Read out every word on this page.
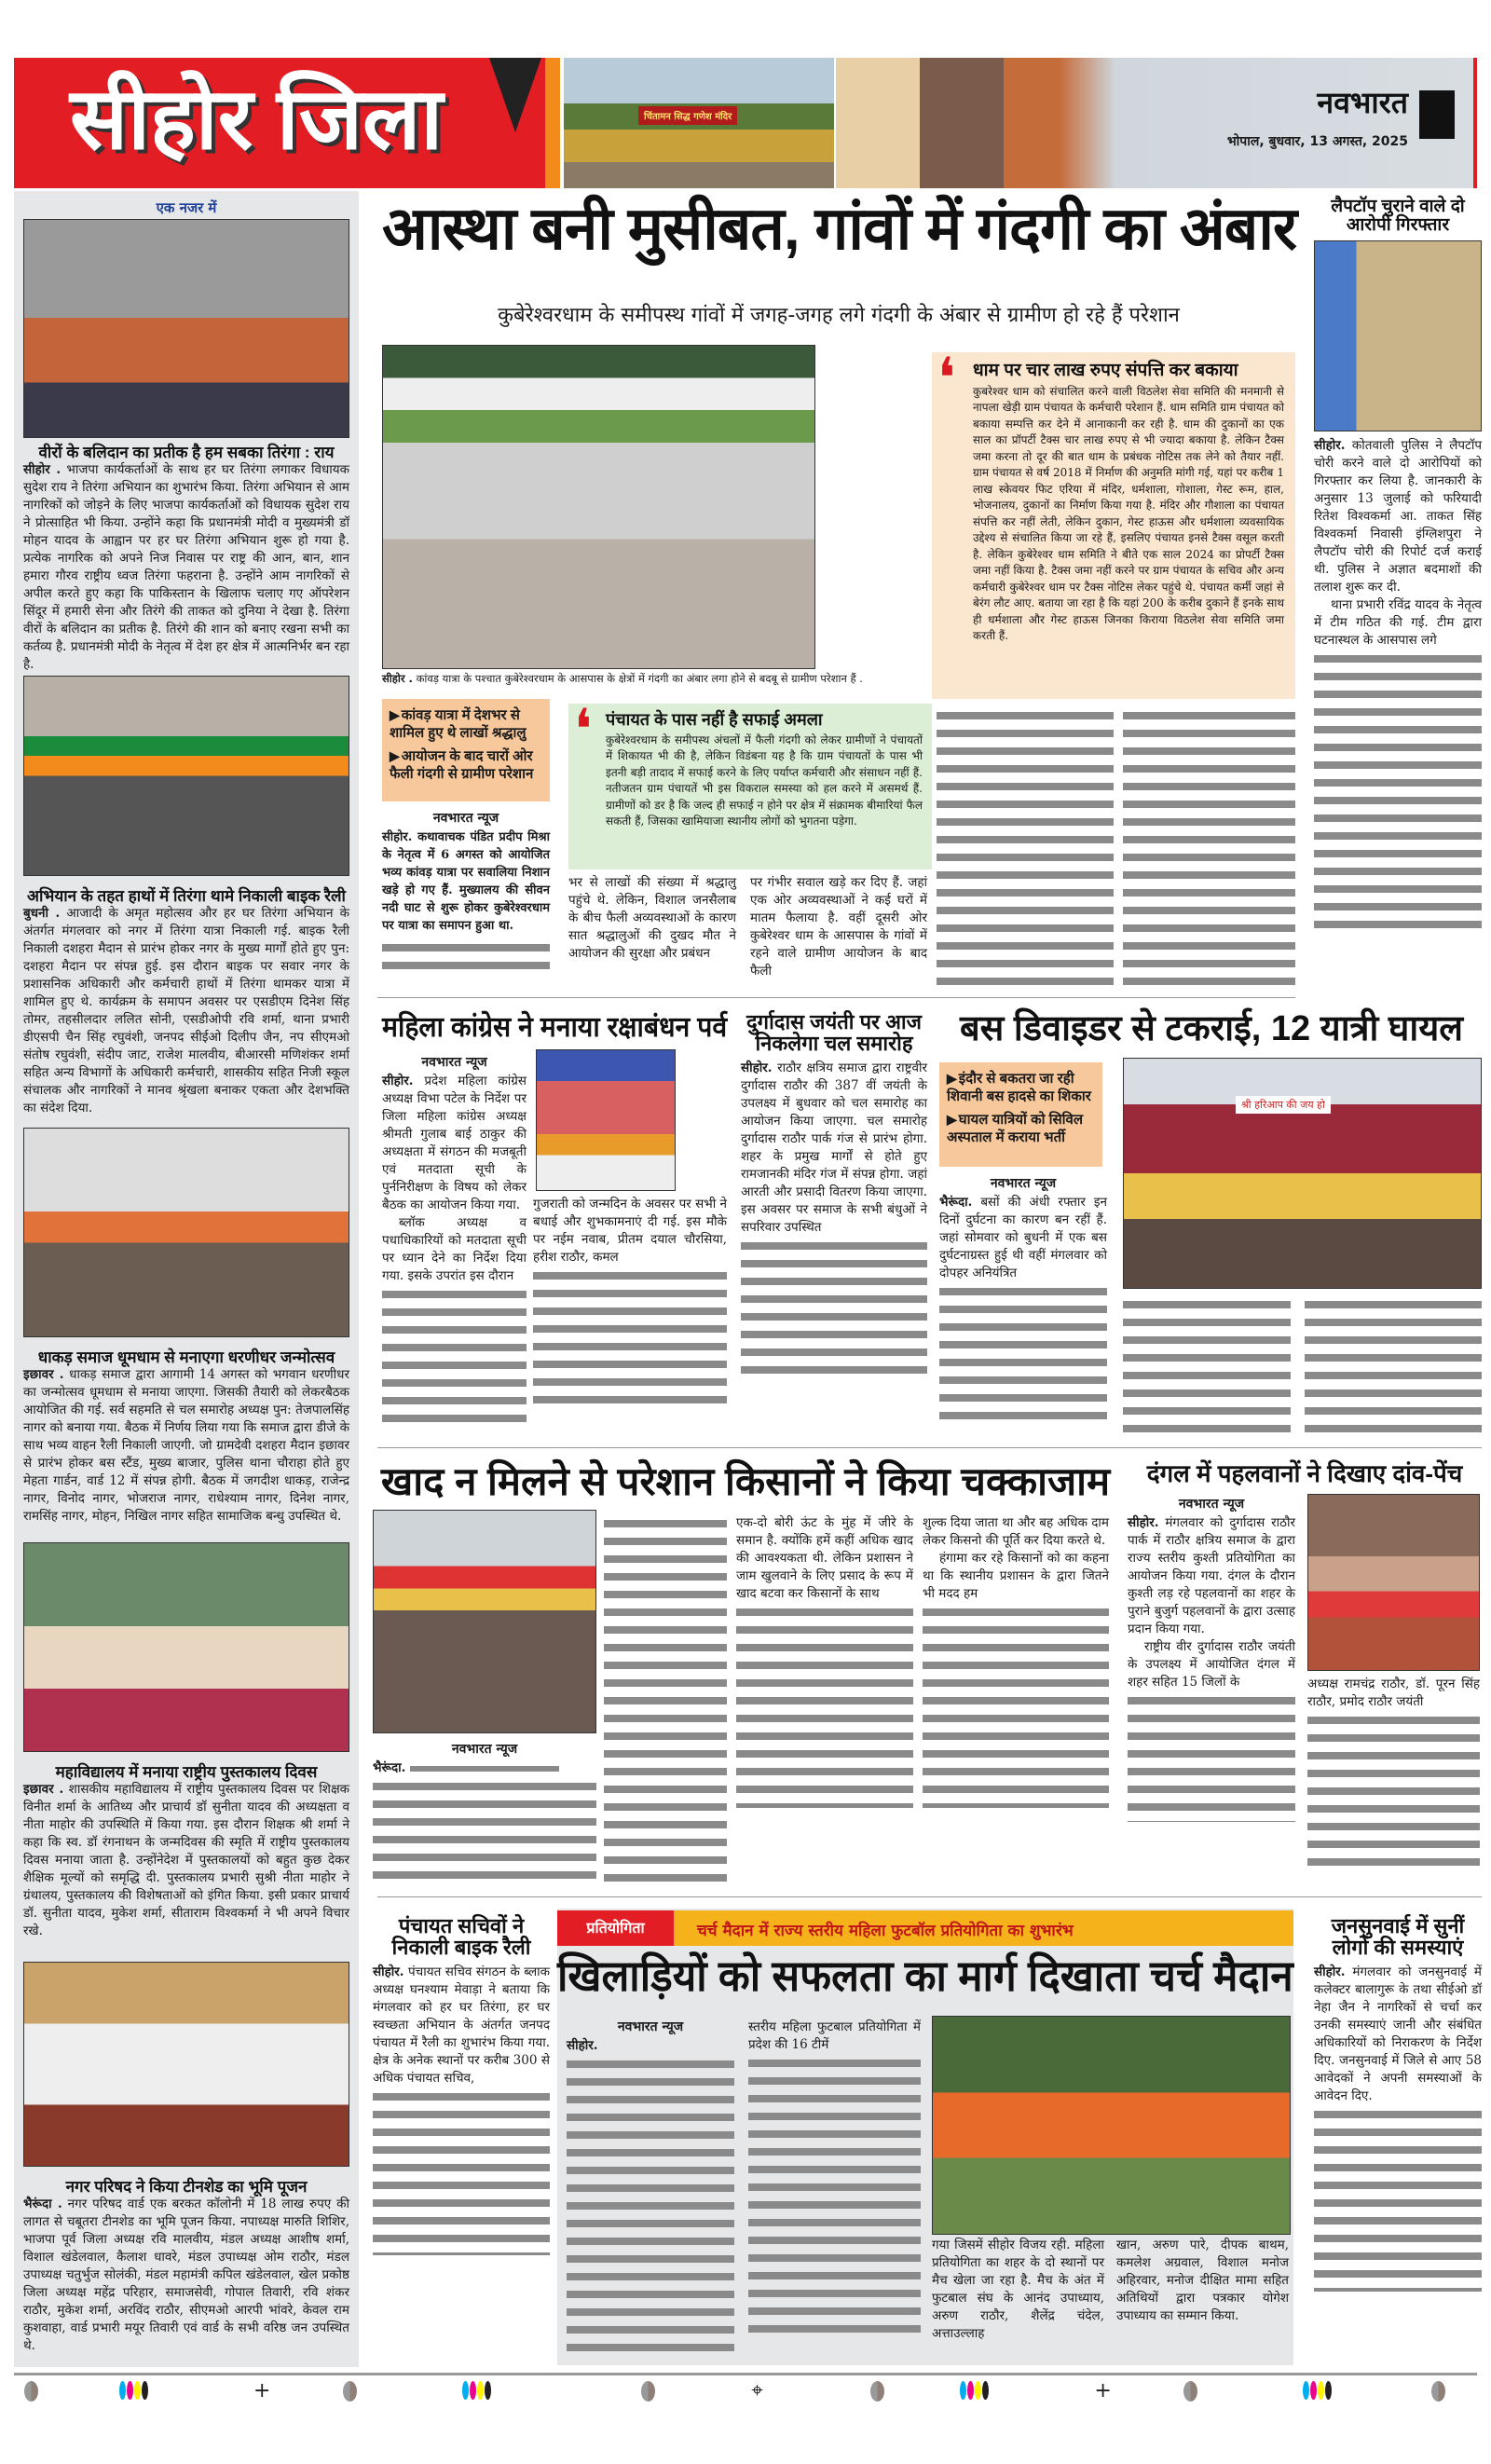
सीहोर जिला	चिंतामन सिद्ध गणेश मंदिर	नवभारत
भोपाल, बुधवार, 13 अगस्त, 2025
एक नजर में
वीरों के बलिदान का प्रतीक है हम सबका तिरंगा : राय
सीहोर . भाजपा कार्यकर्ताओं के साथ हर घर तिरंगा लगाकर विधायक सुदेश राय ने तिरंगा अभियान का शुभारंभ किया. तिरंगा अभियान से आम नागरिकों को जोड़ने के लिए भाजपा कार्यकर्ताओं को विधायक सुदेश राय ने प्रोत्साहित भी किया. उन्होंने कहा कि प्रधानमंत्री मोदी व मुख्यमंत्री डॉ मोहन यादव के आह्वान पर हर घर तिरंगा अभियान शुरू हो गया है. प्रत्येक नागरिक को अपने निज निवास पर राष्ट्र की आन, बान, शान हमारा गौरव राष्ट्रीय ध्वज तिरंगा फहराना है. उन्होंने आम नागरिकों से अपील करते हुए कहा कि पाकिस्तान के खिलाफ चलाए गए ऑपरेशन सिंदूर में हमारी सेना और तिरंगे की ताकत को दुनिया ने देखा है. तिरंगा वीरों के बलिदान का प्रतीक है. तिरंगे की शान को बनाए रखना सभी का कर्तव्य है. प्रधानमंत्री मोदी के नेतृत्व में देश हर क्षेत्र में आत्मनिर्भर बन रहा है.
अभियान के तहत हाथों में तिरंगा थामे निकाली बाइक रैली
बुधनी . आजादी के अमृत महोत्सव और हर घर तिरंगा अभियान के अंतर्गत मंगलवार को नगर में तिरंगा यात्रा निकाली गई. बाइक रैली निकाली दशहरा मैदान से प्रारंभ होकर नगर के मुख्य मार्गों होते हुए पुन: दशहरा मैदान पर संपन्न हुई. इस दौरान बाइक पर सवार नगर के प्रशासनिक अधिकारी और कर्मचारी हाथों में तिरंगा थामकर यात्रा में शामिल हुए थे. कार्यक्रम के समापन अवसर पर एसडीएम दिनेश सिंह तोमर, तहसीलदार ललित सोनी, एसडीओपी रवि शर्मा, थाना प्रभारी डीएसपी चैन सिंह रघुवंशी, जनपद सीईओ दिलीप जैन, नप सीएमओ संतोष रघुवंशी, संदीप जाट, राजेश मालवीय, बीआरसी मणिशंकर शर्मा सहित अन्य विभागों के अधिकारी कर्मचारी, शासकीय सहित निजी स्कूल संचालक और नागरिकों ने मानव श्रृंखला बनाकर एकता और देशभक्ति का संदेश दिया.
धाकड़ समाज धूमधाम से मनाएगा धरणीधर जन्मोत्सव
इछावर . धाकड़ समाज द्वारा आगामी 14 अगस्त को भगवान धरणीधर का जन्मोत्सव धूमधाम से मनाया जाएगा. जिसकी तैयारी को लेकरबैठक आयोजित की गई. सर्व सहमति से चल समारोह अध्यक्ष पुन: तेजपालसिंह नागर को बनाया गया. बैठक में निर्णय लिया गया कि समाज द्वारा डीजे के साथ भव्य वाहन रैली निकाली जाएगी. जो ग्रामदेवी दशहरा मैदान इछावर से प्रारंभ होकर बस स्टैंड, मुख्य बाजार, पुलिस थाना चौराहा होते हुए मेहता गार्डन, वार्ड 12 में संपन्न होगी. बैठक में जगदीश धाकड़, राजेन्द्र नागर, विनोद नागर, भोजराज नागर, राधेश्याम नागर, दिनेश नागर, रामसिंह नागर, मोहन, निखिल नागर सहित सामाजिक बन्धु उपस्थित थे.
महाविद्यालय में मनाया राष्ट्रीय पुस्तकालय दिवस
इछावर . शासकीय महाविद्यालय में राष्ट्रीय पुस्तकालय दिवस पर शिक्षक विनीत शर्मा के आतिथ्य और प्राचार्य डॉ सुनीता यादव की अध्यक्षता व नीता माहोर की उपस्थिति में किया गया. इस दौरान शिक्षक श्री शर्मा ने कहा कि स्व. डॉ रंगनाथन के जन्मदिवस की स्मृति में राष्ट्रीय पुस्तकालय दिवस मनाया जाता है. उन्होंनेदेश में पुस्तकालयों को बहुत कुछ देकर शैक्षिक मूल्यों को समृद्धि दी. पुस्तकालय प्रभारी सुश्री नीता माहोर ने ग्रंथालय, पुस्तकालय की विशेषताओं को इंगित किया. इसी प्रकार प्राचार्य डॉ. सुनीता यादव, मुकेश शर्मा, सीताराम विश्वकर्मा ने भी अपने विचार रखे.
नगर परिषद ने किया टीनशेड का भूमि पूजन
भैरूंदा . नगर परिषद वार्ड एक बरकत कॉलोनी में 18 लाख रुपए की लागत से चबूतरा टीनशेड का भूमि पूजन किया. नपाध्यक्ष मारुति शिशिर, भाजपा पूर्व जिला अध्यक्ष रवि मालवीय, मंडल अध्यक्ष आशीष शर्मा, विशाल खंडेलवाल, कैलाश धावरे, मंडल उपाध्यक्ष ओम राठौर, मंडल उपाध्यक्ष चतुर्भुज सोलंकी, मंडल महामंत्री कपिल खंडेलवाल, खेल प्रकोष्ठ जिला अध्यक्ष महेंद्र परिहार, समाजसेवी, गोपाल तिवारी, रवि शंकर राठौर, मुकेश शर्मा, अरविंद राठौर, सीएमओ आरपी भांवरे, केवल राम कुशवाहा, वार्ड प्रभारी मयूर तिवारी एवं वार्ड के सभी वरिष्ठ जन उपस्थित थे.
आस्था बनी मुसीबत, गांवों में गंदगी का अंबार
कुबेरेश्वरधाम के समीपस्थ गांवों में जगह-जगह लगे गंदगी के अंबार से ग्रामीण हो रहे हैं परेशान
सीहोर . कांवड़ यात्रा के पश्चात कुबेरेश्वरधाम के आसपास के क्षेत्रों में गंदगी का अंबार लगा होने से बदबू से ग्रामीण परेशान हैं .
❛ धाम पर चार लाख रुपए संपत्ति कर बकाया
कुबरेश्वर धाम को संचालित करने वाली विठलेश सेवा समिति की मनमानी से नापला खेड़ी ग्राम पंचायत के कर्मचारी परेशान हैं. धाम समिति ग्राम पंचायत को बकाया सम्पत्ति कर देने में आनाकानी कर रही है. धाम की दुकानों का एक साल का प्रॉपर्टी टैक्स चार लाख रुपए से भी ज्यादा बकाया है. लेकिन टैक्स जमा करना तो दूर की बात धाम के प्रबंधक नोटिस तक लेने को तैयार नहीं. ग्राम पंचायत से वर्ष 2018 में निर्माण की अनुमति मांगी गई, यहां पर करीब 1 लाख स्केवयर फिट एरिया में मंदिर, धर्मशाला, गोशाला, गेस्ट रूम, हाल, भोजनालय, दुकानों का निर्माण किया गया है. मंदिर और गौशाला का पंचायत संपत्ति कर नहीं लेती, लेकिन दुकान, गेस्ट हाऊस और धर्मशाला व्यवसायिक उद्देश्य से संचालित किया जा रहे हैं, इसलिए पंचायत इनसे टैक्स वसूल करती है. लेकिन कुबेरेश्वर धाम समिति ने बीते एक साल 2024 का प्रोपर्टी टैक्स जमा नहीं किया है. टैक्स जमा नहीं करने पर ग्राम पंचायत के सचिव और अन्य कर्मचारी कुबेरेश्वर धाम पर टैक्स नोटिस लेकर पहुंचे थे. पंचायत कर्मी जहां से बेरंग लौट आए. बताया जा रहा है कि यहां 200 के करीब दुकाने हैं इनके साथ ही धर्मशाला और गेस्ट हाऊस जिनका किराया विठलेश सेवा समिति जमा करती हैं.
▶ कांवड़ यात्रा में देशभर से शामिल हुए थे लाखों श्रद्धालु
▶ आयोजन के बाद चारों ओर फैली गंदगी से ग्रामीण परेशान
नवभारत न्यूज
सीहोर. कथावाचक पंडित प्रदीप मिश्रा के नेतृत्व में 6 अगस्त को आयोजित भव्य कांवड़ यात्रा पर सवालिया निशान खड़े हो गए हैं. मुख्यालय की सीवन नदी घाट से शुरू होकर कुबेरेश्वरधाम पर यात्रा का समापन हुआ था.
❛ पंचायत के पास नहीं है सफाई अमला
कुबेरेश्वरधाम के समीपस्थ अंचलों में फैली गंदगी को लेकर ग्रामीणों ने पंचायतों में शिकायत भी की है, लेकिन विडंबना यह है कि ग्राम पंचायतों के पास भी इतनी बड़ी तादाद में सफाई करने के लिए पर्याप्त कर्मचारी और संसाधन नहीं हैं. नतीजतन ग्राम पंचायतें भी इस विकराल समस्या को हल करने में असमर्थ हैं. ग्रामीणों को डर है कि जल्द ही सफाई न होने पर क्षेत्र में संक्रामक बीमारियां फैल सकती हैं, जिसका खामियाजा स्थानीय लोगों को भुगतना पड़ेगा.
भर से लाखों की संख्या में श्रद्धालु पहुंचे थे. लेकिन, विशाल जनसैलाब के बीच फैली अव्यवस्थाओं के कारण सात श्रद्धालुओं की दुखद मौत ने आयोजन की सुरक्षा और प्रबंधन
पर गंभीर सवाल खड़े कर दिए हैं. जहां एक ओर अव्यवस्थाओं ने कई घरों में मातम फैलाया है. वहीं दूसरी ओर कुबेरेश्वर धाम के आसपास के गांवों में रहने वाले ग्रामीण आयोजन के बाद फैली
लैपटॉप चुराने वाले दो आरोपी गिरफ्तार
सीहोर. कोतवाली पुलिस ने लैपटॉप चोरी करने वाले दो आरोपियों को गिरफ्तार कर लिया है. जानकारी के अनुसार 13 जुलाई को फरियादी रितेश विश्वकर्मा आ. ताकत सिंह विश्वकर्मा निवासी इंग्लिशपुरा ने लैपटॉप चोरी की रिपोर्ट दर्ज कराई थी. पुलिस ने अज्ञात बदमाशों की तलाश शुरू कर दी.
थाना प्रभारी रविंद्र यादव के नेतृत्व में टीम गठित की गई. टीम द्वारा घटनास्थल के आसपास लगे
महिला कांग्रेस ने मनाया रक्षाबंधन पर्व
नवभारत न्यूज
सीहोर. प्रदेश महिला कांग्रेस अध्यक्ष विभा पटेल के निर्देश पर जिला महिला कांग्रेस अध्यक्ष श्रीमती गुलाब बाई ठाकुर की अध्यक्षता में संगठन की मजबूती एवं मतदाता सूची के पुर्ननिरीक्षण के विषय को लेकर बैठक का आयोजन किया गया.
ब्लॉक अध्यक्ष व पधाधिकारियों को मतदाता सूची पर ध्यान देने का निर्देश दिया गया. इसके उपरांत इस दौरान
गुजराती को जन्मदिन के अवसर पर सभी ने बधाई और शुभकामनाएं दी गई. इस मौके पर नईम नवाब, प्रीतम दयाल चौरसिया, हरीश राठौर, कमल
दुर्गादास जयंती पर आज निकलेगा चल समारोह
सीहोर. राठौर क्षत्रिय समाज द्वारा राष्ट्रवीर दुर्गादास राठौर की 387 वीं जयंती के उपलक्ष्य में बुधवार को चल समारोह का आयोजन किया जाएगा. चल समारोह दुर्गादास राठौर पार्क गंज से प्रारंभ होगा. शहर के प्रमुख मार्गों से होते हुए रामजानकी मंदिर गंज में संपन्न होगा. जहां आरती और प्रसादी वितरण किया जाएगा. इस अवसर पर समाज के सभी बंधुओं ने सपरिवार उपस्थित
बस डिवाइडर से टकराई, 12 यात्री घायल
▶ इंदौर से बकतरा जा रही शिवानी बस हादसे का शिकार
▶ घायल यात्रियों को सिविल अस्पताल में कराया भर्ती
नवभारत न्यूज
भैरूंदा. बसों की अंधी रफ्तार इन दिनों दुर्घटना का कारण बन रहीं हैं. जहां सोमवार को बुधनी में एक बस दुर्घटनाग्रस्त हुई थी वहीं मंगलवार को दोपहर अनियंत्रित
श्री हरिआप की जय हो
खाद न मिलने से परेशान किसानों ने किया चक्काजाम
नवभारत न्यूज
भैरूंदा.
एक-दो बोरी ऊंट के मुंह में जीरे के समान है. क्योंकि हमें कहीं अधिक खाद की आवश्यकता थी. लेकिन प्रशासन ने जाम खुलवाने के लिए प्रसाद के रूप में खाद बटवा कर किसानों के साथ
शुल्क दिया जाता था और बह अधिक दाम लेकर किसनो की पूर्ति कर दिया करते थे.
हंगामा कर रहे किसानों को का कहना था कि स्थानीय प्रशासन के द्वारा जितने भी मदद हम
दंगल में पहलवानों ने दिखाए दांव-पेंच
नवभारत न्यूज
सीहोर. मंगलवार को दुर्गादास राठौर पार्क में राठौर क्षत्रिय समाज के द्वारा राज्य स्तरीय कुश्ती प्रतियोगिता का आयोजन किया गया. दंगल के दौरान कुश्ती लड़ रहे पहलवानों का शहर के पुराने बुजुर्ग पहलवानों के द्वारा उत्साह प्रदान किया गया.
राष्ट्रीय वीर दुर्गादास राठौर जयंती के उपलक्ष्य में आयोजित दंगल में शहर सहित 15 जिलों के	अध्यक्ष रामचंद्र राठौर, डॉ. पूरन सिंह राठौर, प्रमोद राठौर जयंती
पंचायत सचिवों ने निकाली बाइक रैली
सीहोर. पंचायत सचिव संगठन के ब्लाक अध्यक्ष घनश्याम मेवाड़ा ने बताया कि मंगलवार को हर घर तिरंगा, हर घर स्वच्छता अभियान के अंतर्गत जनपद पंचायत में रैली का शुभारंभ किया गया. क्षेत्र के अनेक स्थानों पर करीब 300 से अधिक पंचायत सचिव,
प्रतियोगिता	चर्च मैदान में राज्य स्तरीय महिला फुटबॉल प्रतियोगिता का शुभारंभ
खिलाड़ियों को सफलता का मार्ग दिखाता चर्च मैदान
नवभारत न्यूज
सीहोर.
स्तरीय महिला फुटबाल प्रतियोगिता में प्रदेश की 16 टीमें
गया जिसमें सीहोर विजय रही. महिला प्रतियोगिता का शहर के दो स्थानों पर मैच खेला जा रहा है. मैच के अंत में फुटबाल संघ के आनंद उपाध्याय, अरुण राठौर, शैलेंद्र चंदेल, अत्ताउल्लाह
खान, अरुण पारे, दीपक बाथम, कमलेश अग्रवाल, विशाल मनोज अहिरवार, मनोज दीक्षित मामा सहित अतिथियों द्वारा पत्रकार योगेश उपाध्याय का सम्मान किया.
जनसुनवाई में सुनीं लोगों की समस्याएं
सीहोर. मंगलवार को जनसुनवाई में कलेक्टर बालागुरू के तथा सीईओ डॉ नेहा जैन ने नागरिकों से चर्चा कर उनकी समस्याएं जानी और संबंधित अधिकारियों को निराकरण के निर्देश दिए. जनसुनवाई में जिले से आए 58 आवेदकों ने अपनी समस्याओं के आवेदन दिए.
+	⌖	+
